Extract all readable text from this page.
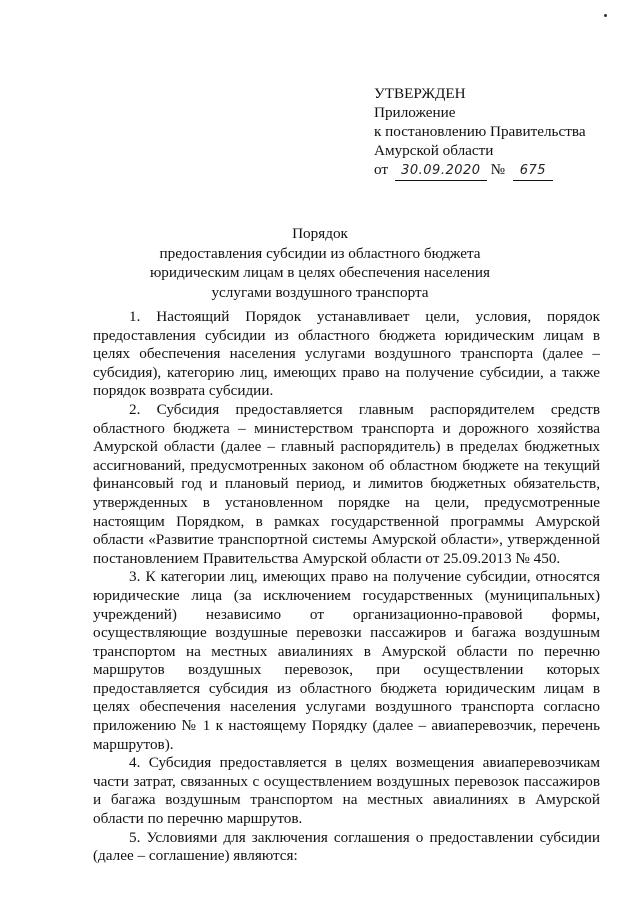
УТВЕРЖДЕН
Приложение
к постановлению Правительства
Амурской области
от 30.09.2020 № 675
Порядок
предоставления субсидии из областного бюджета
юридическим лицам в целях обеспечения населения
услугами воздушного транспорта

1. Настоящий Порядок устанавливает цели, условия, порядок предоставления субсидии из областного бюджета юридическим лицам в целях обеспечения населения услугами воздушного транспорта (далее – субсидия), категорию лиц, имеющих право на получение субсидии, а также порядок возврата субсидии.

2. Субсидия предоставляется главным распорядителем средств областного бюджета – министерством транспорта и дорожного хозяйства Амурской области (далее – главный распорядитель) в пределах бюджетных ассигнований, предусмотренных законом об областном бюджете на текущий финансовый год и плановый период, и лимитов бюджетных обязательств, утвержденных в установленном порядке на цели, предусмотренные настоящим Порядком, в рамках государственной программы Амурской области «Развитие транспортной системы Амурской области», утвержденной постановлением Правительства Амурской области от 25.09.2013 № 450.

3. К категории лиц, имеющих право на получение субсидии, относятся юридические лица (за исключением государственных (муниципальных) учреждений) независимо от организационно-правовой формы, осуществляющие воздушные перевозки пассажиров и багажа воздушным транспортом на местных авиалиниях в Амурской области по перечню маршрутов воздушных перевозок, при осуществлении которых предоставляется субсидия из областного бюджета юридическим лицам в целях обеспечения населения услугами воздушного транспорта согласно приложению № 1 к настоящему Порядку (далее – авиаперевозчик, перечень маршрутов).

4. Субсидия предоставляется в целях возмещения авиаперевозчикам части затрат, связанных с осуществлением воздушных перевозок пассажиров и багажа воздушным транспортом на местных авиалиниях в Амурской области по перечню маршрутов.

5. Условиями для заключения соглашения о предоставлении субсидии (далее – соглашение) являются:
